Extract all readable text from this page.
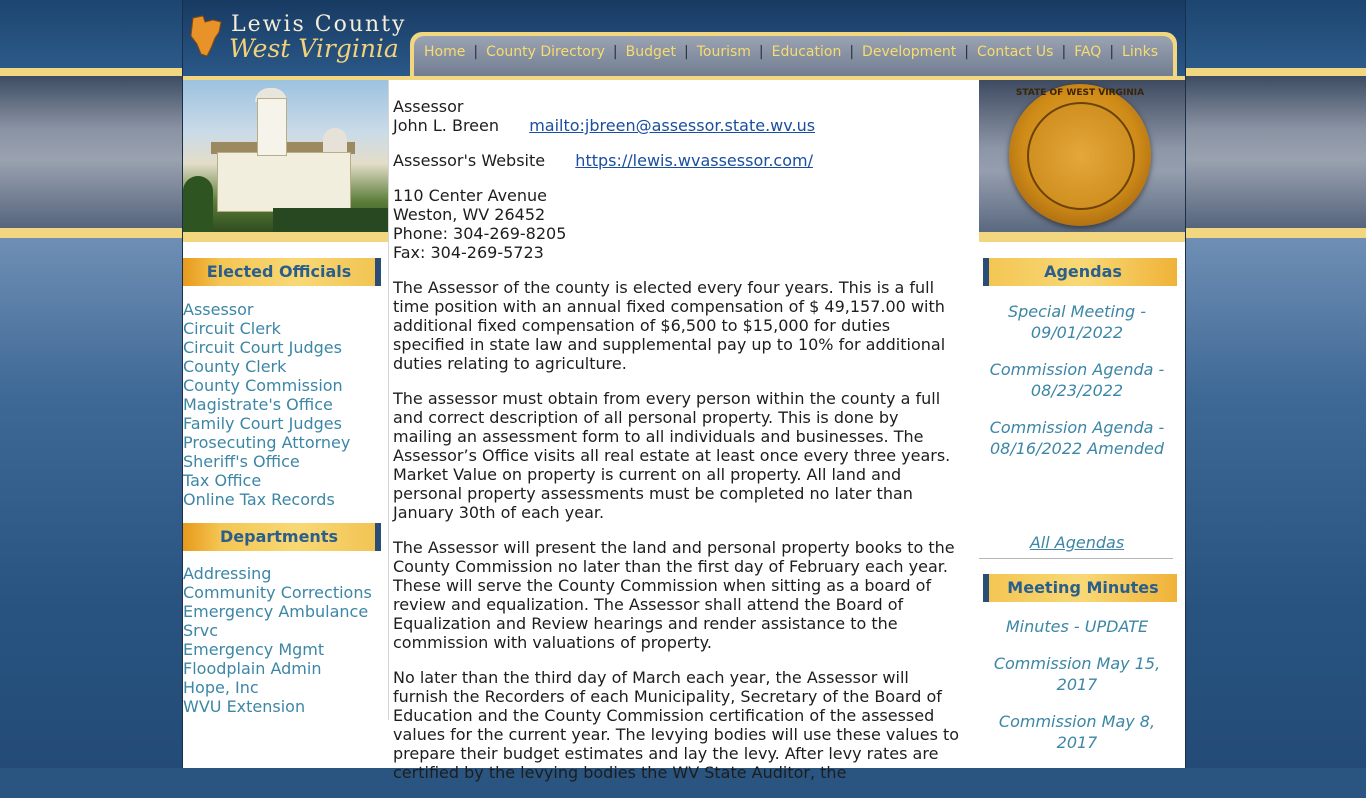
Lewis County
West Virginia Home | County Directory | Budget | Tourism | Education | Development | Contact Us | FAQ | Links
Elected Officials
Assessor
Circuit Clerk
Circuit Court Judges
County Clerk
County Commission
Magistrate's Office
Family Court Judges
Prosecuting Attorney
Sheriff's Office
Tax Office
Online Tax Records
Departments
Addressing
Community Corrections
Emergency Ambulance
Srvc
Emergency Mgmt
Floodplain Admin
Hope, Inc
WVU Extension
Assessor
John L. Breen mailto:jbreen@assessor.state.wv.us
Assessor's Website https://lewis.wvassessor.com/
110 Center Avenue
Weston, WV 26452
Phone: 304-269-8205
Fax: 304-269-5723

The Assessor of the county is elected every four years. This is a full time position with an annual fixed compensation of $ 49,157.00 with additional fixed compensation of $6,500 to $15,000 for duties specified in state law and supplemental pay up to 10% for additional duties relating to agriculture.

The assessor must obtain from every person within the county a full and correct description of all personal property. This is done by mailing an assessment form to all individuals and businesses. The Assessor’s Office visits all real estate at least once every three years. Market Value on property is current on all property. All land and personal property assessments must be completed no later than January 30th of each year.

The Assessor will present the land and personal property books to the County Commission no later than the first day of February each year. These will serve the County Commission when sitting as a board of review and equalization. The Assessor shall attend the Board of Equalization and Review hearings and render assistance to the commission with valuations of property.

No later than the third day of March each year, the Assessor will furnish the Recorders of each Municipality, Secretary of the Board of Education and the County Commission certification of the assessed values for the current year. The levying bodies will use these values to prepare their budget estimates and lay the levy. After levy rates are certified by the levying bodies the WV State Auditor, the

STATE OF WEST VIRGINIA
Agendas
Special Meeting - 09/01/2022
Commission Agenda - 08/23/2022
Commission Agenda - 08/16/2022 Amended
All Agendas
Meeting Minutes
Minutes - UPDATE
Commission May 15, 2017
Commission May 8, 2017
